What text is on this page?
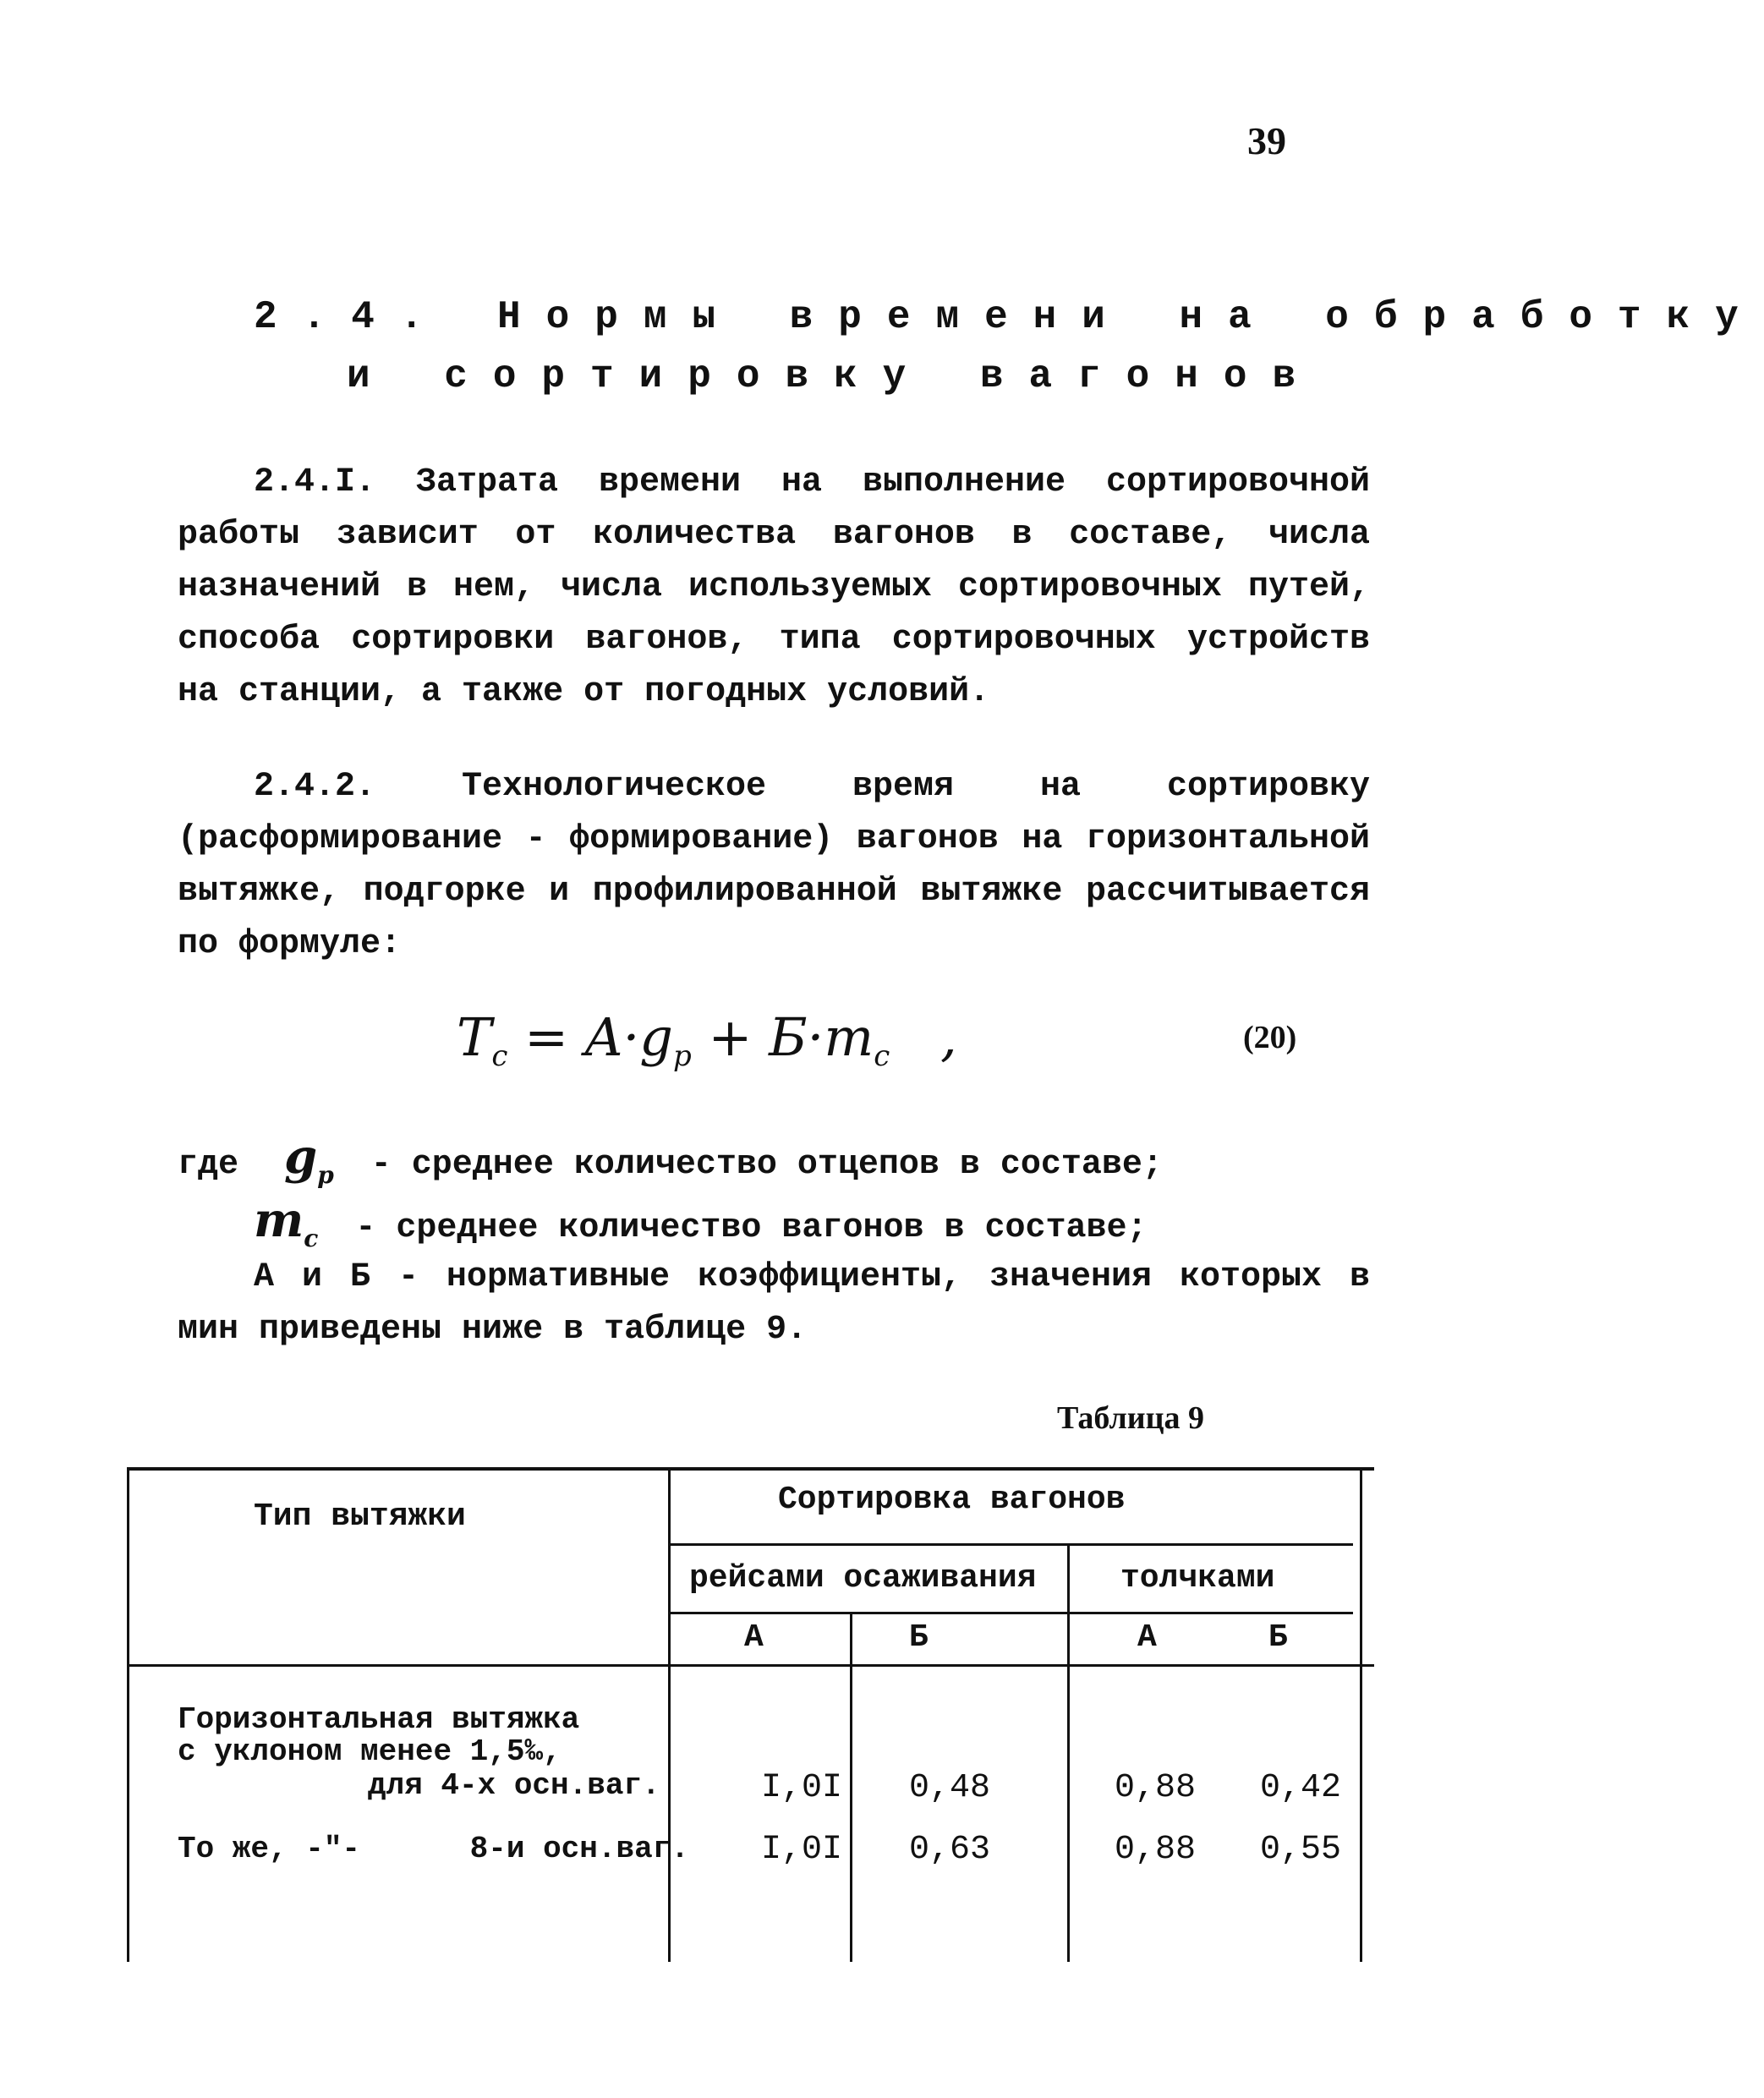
39
2.4. Нормы времени на обработку
и сортировку вагонов
2.4.I. Затрата времени на выполнение сортировочной работы зависит от количества вагонов в составе, числа назначений в нем, числа используемых сортировочных путей, способа сортировки вагонов, типа сортировочных устройств на станции, а также от погодных условий.
2.4.2. Технологическое время на сортировку (расформирование - формирование) вагонов на горизонтальной вытяжке, подгорке и профилированной вытяжке рассчитывается по формуле:
$T_c = A\cdot g_p + Б\cdot m_c$ ,	(20)
где $g_p$ - среднее количество отцепов в составе;
$m_c$ - среднее количество вагонов в составе;
А и Б - нормативные коэффициенты, значения которых в мин приведены ниже в таблице 9.
Таблица 9
Тип вытяжки	Сортировка вагонов
рейсами осаживания	толчками
А	Б	А	Б
Горизонтальная вытяжка
с уклоном менее 1,5‰,
для 4-х осн.ваг.	I,0I 0,48	0,88 0,42
То же, -"-      8-и осн.ваг. I,0I 0,63	0,88 0,55
